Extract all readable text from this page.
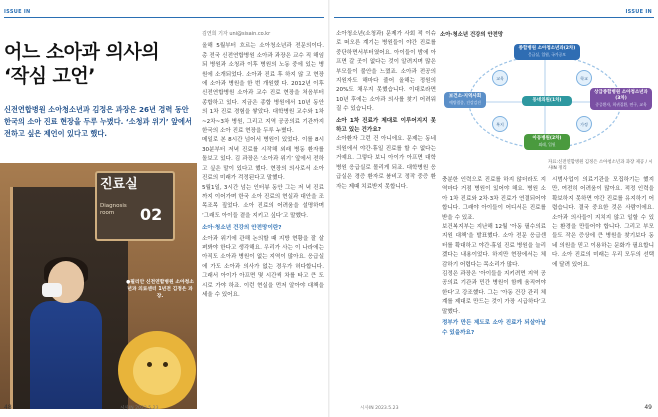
ISSUE IN	ISSUE IN
어느 소아과 의사의
‘작심 고언’
신전연합병원 소아청소년과 김정은 과장은 26년 경력 동안 한국의 소아 진료 현장을 두루 누볐다. ‘소청과 위기’ 앞에서 전하고 싶은 제언이 있다고 했다.
진료실
Diagnosis room	02
●필리안 신전연합병원 소아청소년과 의료센터 1년전 김정은 과장.
김연희 기자 uni@sisain.co.kr

올해 5월부터 흐르는 소아청소년과 전문의이다. 총 전국 신전연합병원 소아과 과장은 교수 직 해임되 병원과 소청과 이후 병원의 노동 중에 있는 병원에 소개되었다. 소아과 진료 후 하지 않 고 현장에 소아과 병원을 한 번 개원했 다. 2012년 이후 신전연합병원 소아과 교수 진료 현장을 처음부터 종합하고 있다. 지금은 종합 병원에서 10년 동안의 1차 진료 경험을 쌓았다. 대학병원 교수와 1차~2차~3차 병원, 그리고 지역 공공의료 기관까지 한국의 소아 진료 현장을 두루 누볐다.

메일로 본 8시간 넘어서 병원이 있었다. 이를 8시30분부터 저녁 진료를 시작해 외래 병동 환자를 돌보고 있다. 김 과장은 ‘소아과 위기’ 앞에서 전하고 싶은 말이 있다고 했다. 현장의 의사로서 소아 진료의 미래가 걱정된다고 말했다.

5월1일, 3시간 넘는 인터뷰 동안 그는 저 녁 진료까지 이어가며 한국 소아 진료의 현실과 대안을 조목조목 짚었다. 소아 진료의 어려움을 설명하며 ‘그래도 아이들 곁을 지키고 싶다’고 말했다.

소아·청소년 건강의 안전망이란?

소아과 위기에 관해 논의할 때 지방 현황을 잘 살펴봐야 한다고 생각해요. 우리가 사는 이 나라에는 아직도 소아과 병원이 없는 지역이 많아요. 응급실에 가도 소아과 의사가 없는 경우가 허다합니다. 그래서 아이가 아프면 몇 시간씩 차를 타고 큰 도시로 가야 하죠. 이런 현실을 먼저 알아야 대책을 세울 수 있어요.

소아청소년(소청과) 문제가 사회 적 이슈로 떠오른 계기는 병원들이 야간 진료를 중단하면서부터였어요. 아이들이 밤에 아프면 갈 곳이 없다는 것이 알려지며 많은 부모들이 불안을 느꼈죠. 소아과 전공의 지원자도 해마다 줄어 올해는 정원의 20%도 채우지 못했습니다. 이대로라면 10년 후에는 소아과 의사를 찾기 어려워질 수 있습니다.

소아 1차 진료가 제대로 이루어지지 못하고 있는 건가요?

소아환자 그런 건 아니에요. 문제는 동네 의원에서 야간·휴일 진료를 할 수 없다는 거예요. 그렇다 보니 아이가 아프면 대학병원 응급실로 몰리게 되죠. 대학병원 응급실은 경증 환자로 붐비고 정작 중증 환자는 제때 치료받지 못합니다.

소아·청소년 건강의 안전망
종합병원 소아청소년과(2차)
응급실, 입원, 국가공모
상급종합병원 소아청소년과(3차)
중증환자, 희귀질환, 연구, 교육
동네의원(1차)
아동병원(2차)
외래, 입원
보건소·지역사회
예방접종, 건강검진
교육
복지	가정
학교
자료:신전연합병원 김정은 소아청소년과 과장 제공 / 시사IN 정리

충분한 인력으로 진료를 하지 않더라도 지역마다 거점 병원이 있어야 해요. 병원 소아 1차 진료와 2차·3차 진료가 연결되어야 합니다. 그래야 아이들이 어디서든 진료를 받을 수 있죠.

보건복지부는 지난해 12월 ‘아동 필수의료 지원 대책’을 발표했다. 소아 전문 응급센터를 확대하고 야간·휴일 진료 병원을 늘리겠다는 내용이었다. 하지만 현장에서는 체감하기 어렵다는 목소리가 많다.

김정은 과장은 ‘아이들을 지키려면 지역 공공의료 기관과 민간 병원이 함께 움직여야 한다’고 강조했다. 그는 ‘아동 건강 관리 체계를 제대로 만드는 것이 가장 시급하다’고 말했다.

정부가 만든 제도로 소아 진료가 되살아날 수 있을까요?

시범사업이 의료기관을 모집하기는 했지만, 여전히 어려움이 많아요. 적정 인력을 확보하지 못하면 야간 진료를 유지하기 어렵습니다. 결국 중요한 것은 사람이에요. 소아과 의사들이 지치지 않고 일할 수 있는 환경을 만들어야 합니다. 그리고 부모들도 작은 증상에 큰 병원을 찾기보다 동네 의원을 믿고 이용하는 문화가 필요합니다. 소아 진료의 미래는 우리 모두의 선택에 달려 있어요.

48	시사IN 2023.5.23	시사IN 2023.5.23	49
